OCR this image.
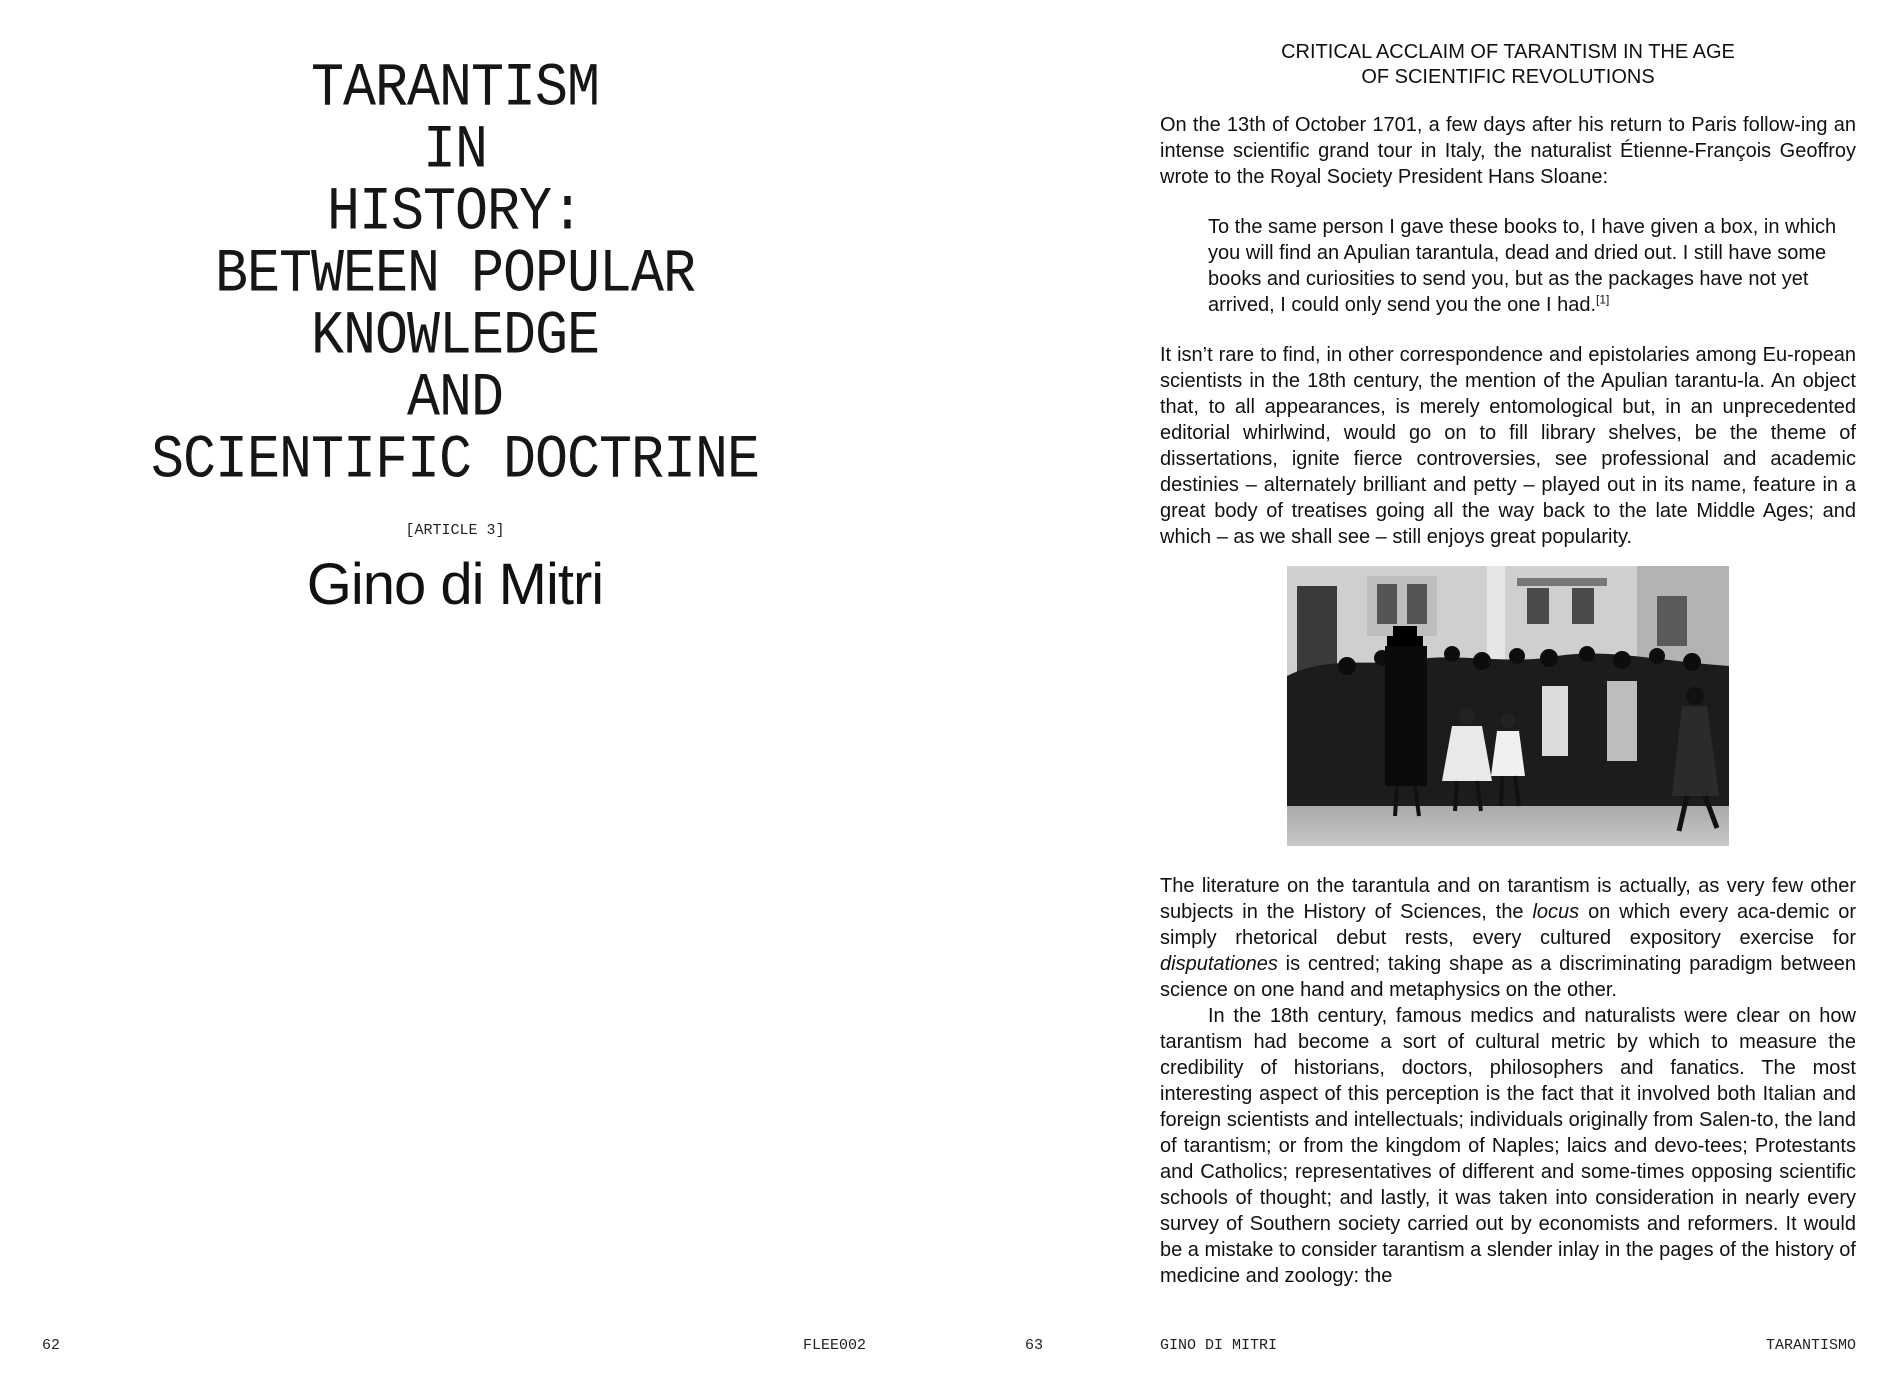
TARANTISM
IN
HISTORY:
BETWEEN POPULAR
KNOWLEDGE
AND
SCIENTIFIC DOCTRINE
[ARTICLE 3]
Gino di Mitri
62	FLEE002	63
CRITICAL ACCLAIM OF TARANTISM IN THE AGE
OF SCIENTIFIC REVOLUTIONS

On the 13th of October 1701, a few days after his return to Paris follow-ing an intense scientific grand tour in Italy, the naturalist Étienne-François Geoffroy wrote to the Royal Society President Hans Sloane:

To the same person I gave these books to, I have given a box, in which you will find an Apulian tarantula, dead and dried out. I still have some books and curiosities to send you, but as the packages have not yet arrived, I could only send you the one I had.[1]

It isn’t rare to find, in other correspondence and epistolaries among Eu-ropean scientists in the 18th century, the mention of the Apulian tarantu-la. An object that, to all appearances, is merely entomological but, in an unprecedented editorial whirlwind, would go on to fill library shelves, be the theme of dissertations, ignite fierce controversies, see professional and academic destinies – alternately brilliant and petty – played out in its name, feature in a great body of treatises going all the way back to the late Middle Ages; and which – as we shall see – still enjoys great popularity.

The literature on the tarantula and on tarantism is actually, as very few other subjects in the History of Sciences, the locus on which every aca-demic or simply rhetorical debut rests, every cultured expository exercise for disputationes is centred; taking shape as a discriminating paradigm between science on one hand and metaphysics on the other.

In the 18th century, famous medics and naturalists were clear on how tarantism had become a sort of cultural metric by which to measure the credibility of historians, doctors, philosophers and fanatics. The most interesting aspect of this perception is the fact that it involved both Italian and foreign scientists and intellectuals; individuals originally from Salen-to, the land of tarantism; or from the kingdom of Naples; laics and devo-tees; Protestants and Catholics; representatives of different and some-times opposing scientific schools of thought; and lastly, it was taken into consideration in nearly every survey of Southern society carried out by economists and reformers. It would be a mistake to consider tarantism a slender inlay in the pages of the history of medicine and zoology: the

GINO DI MITRI	TARANTISMO
